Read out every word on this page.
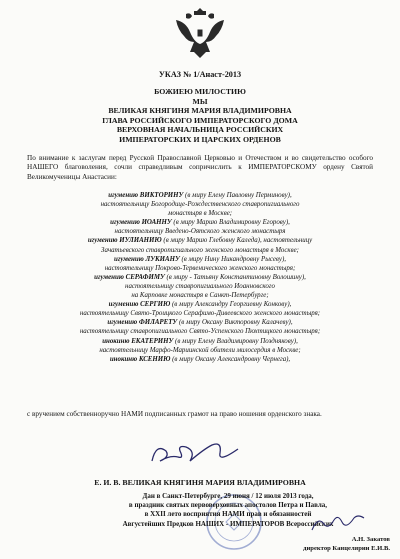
УКАЗ № 1/Анаст-2013
БОЖИЕЮ МИЛОСТИЮ
МЫ
ВЕЛИКАЯ КНЯГИНЯ МАРИЯ ВЛАДИМИРОВНА
ГЛАВА РОССИЙСКОГО ИМПЕРАТОРСКОГО ДОМА
ВЕРХОВНАЯ НАЧАЛЬНИЦА РОССИЙСКИХ
ИМПЕРАТОРСКИХ И ЦАРСКИХ ОРДЕНОВ
По внимание к заслугам перед Русской Православной Церковью и Отечеством и во свидетельство особого НАШЕГО благоволения, сочли справедливым сопричислить к ИМПЕРАТОРСКОМУ ордену Святой Великомученицы Анастасии:
игумению ВИКТОРИНУ (в миру Елену Павловну Перминову),
настоятельницу Богородице-Рождественского ставропигиального
монастыря в Москве;
игумению ИОАННУ (в миру Марию Владимировну Егорову),
настоятельницу Введено-Оятского женского монастыря
игумению ИУЛИАНИЮ (в миру Марию Глебовну Каледа), настоятельницу
Зачатьевского ставропигиального женского монастыря в Москве;
игумению ЛУКИАНУ (в миру Нину Никандровну Рысеву),
настоятельницу Покрово-Тервенического женского монастыря;
игумению СЕРАФИМУ (в миру - Татьяну Константиновну Волошину),
настоятельницу ставропигиального Иоанновского
на Карповке монастыря в Санкт-Петербурге;
игумению СЕРГИЮ (в миру Александру Георгиевну Конкову),
настоятельницу Свято-Троицкого Серафимо-Дивеевского женского монастыря;
игумению ФИЛАРЕТУ (в миру Оксану Викторовну Калачеву),
настоятельницу ставропигиального Свято-Успенского Пюхтицкого монастыря;
инокиню ЕКАТЕРИНУ (в миру Елену Владимировну Позднякову),
настоятельницу Марфо-Мариинской обители милосердия в Москве;
инокиню КСЕНИЮ (в миру Оксану Александровну Чернега),
с вручением собственноручно НАМИ подписанных грамот на право ношения орденского знака.
Е. И. В. ВЕЛИКАЯ КНЯГИНЯ МАРИЯ ВЛАДИМИРОВНА
Дан в Санкт-Петербурге, 29 июня / 12 июля 2013 года,
в праздник святых первоверховных апостолов Петра и Павла,
в XXII лето восприятия НАМИ прав и обязанностей
Августейших Предков НАШИХ - ИМПЕРАТОРОВ Всероссийских
А.Н. Закатов
директор Канцелярии Е.И.В.
